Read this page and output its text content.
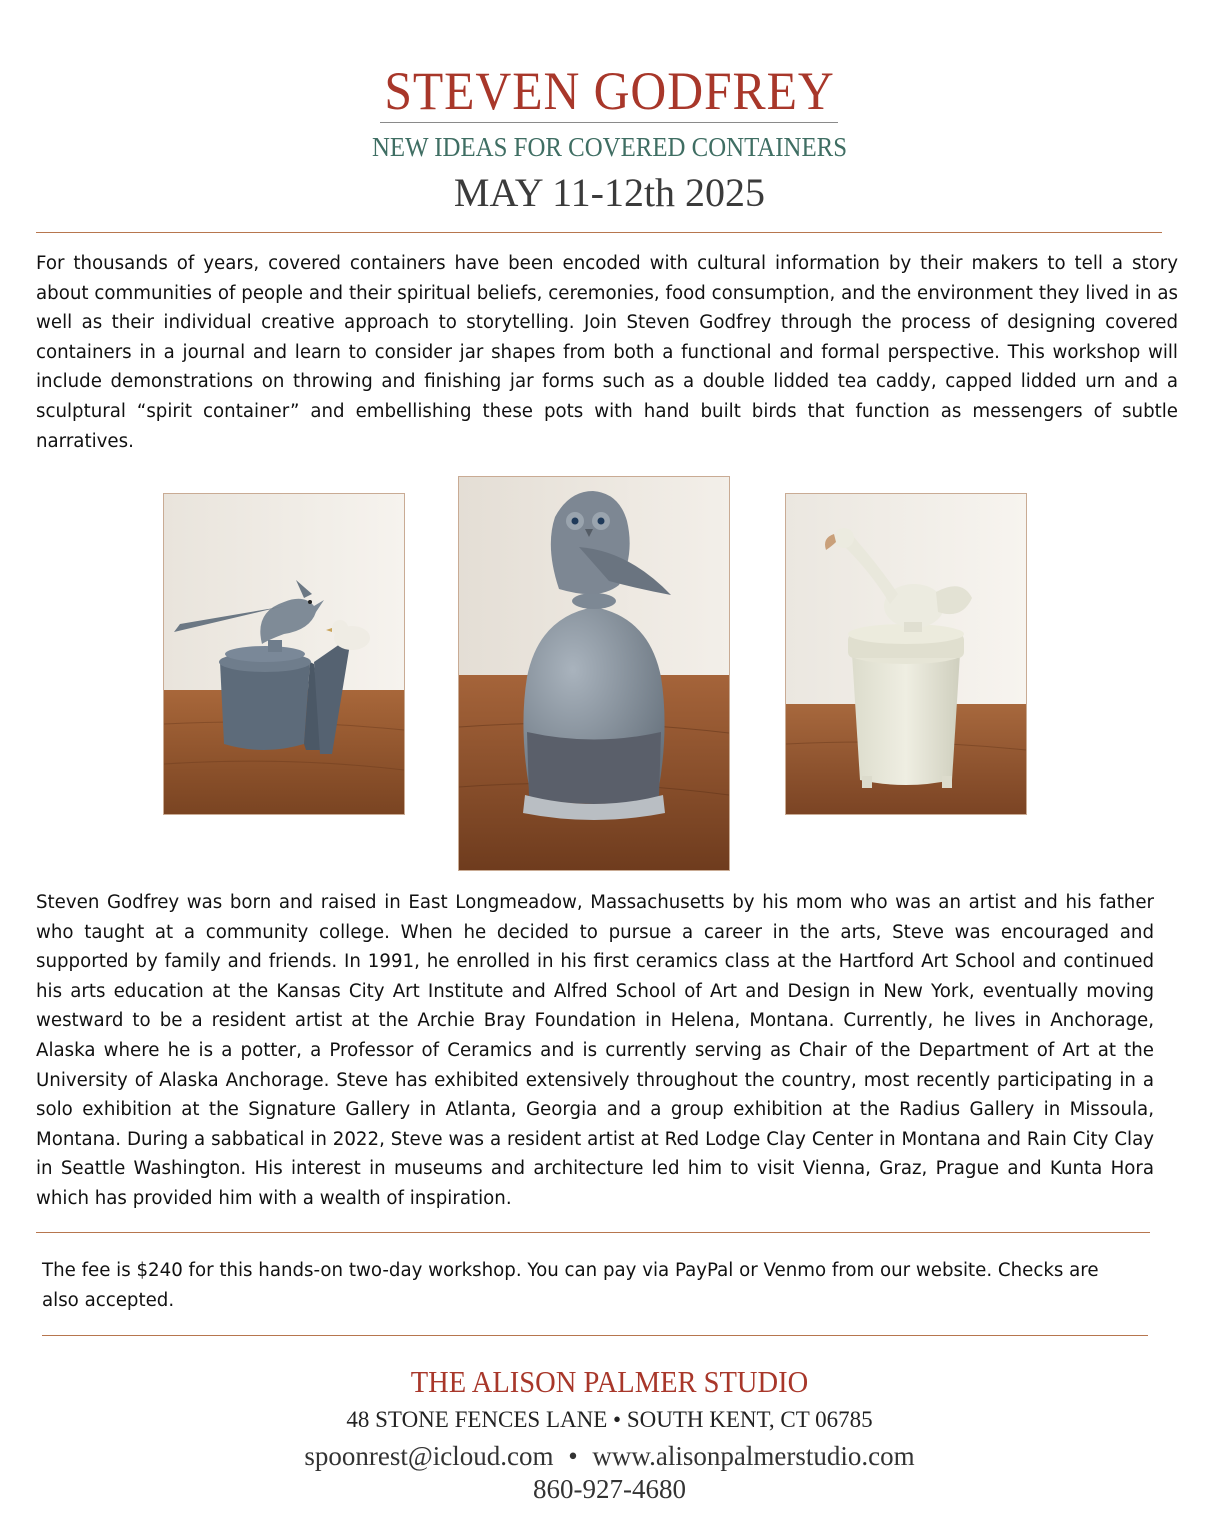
STEVEN GODFREY
NEW IDEAS FOR COVERED CONTAINERS
MAY 11-12th 2025
For thousands of years, covered containers have been encoded with cultural information by their makers to tell a story about communities of people and their spiritual beliefs, ceremonies, food consumption, and the environment they lived in as well as their individual creative approach to storytelling. Join Steven Godfrey through the process of designing covered containers in a journal and learn to consider jar shapes from both a functional and formal perspective. This workshop will include demonstrations on throwing and finishing jar forms such as a double lidded tea caddy, capped lidded urn and a sculptural “spirit container” and embellishing these pots with hand built birds that function as messengers of subtle narratives.
Steven Godfrey was born and raised in East Longmeadow, Massachusetts by his mom who was an artist and his father who taught at a community college. When he decided to pursue a career in the arts, Steve was encouraged and supported by family and friends. In 1991, he enrolled in his first ceramics class at the Hartford Art School and continued his arts education at the Kansas City Art Institute and Alfred School of Art and Design in New York, eventually moving westward to be a resident artist at the Archie Bray Foundation in Helena, Montana. Currently, he lives in Anchorage, Alaska where he is a potter, a Professor of Ceramics and is currently serving as Chair of the Department of Art at the University of Alaska Anchorage. Steve has exhibited extensively throughout the country, most recently participating in a solo exhibition at the Signature Gallery in Atlanta, Georgia and a group exhibition at the Radius Gallery in Missoula, Montana. During a sabbatical in 2022, Steve was a resident artist at Red Lodge Clay Center in Montana and Rain City Clay in Seattle Washington. His interest in museums and architecture led him to visit Vienna, Graz, Prague and Kunta Hora which has provided him with a wealth of inspiration.
The fee is $240 for this hands-on two-day workshop. You can pay via PayPal or Venmo from our website. Checks are also accepted.
THE ALISON PALMER STUDIO
48 STONE FENCES LANE • SOUTH KENT, CT 06785
spoonrest@icloud.com • www.alisonpalmerstudio.com
860-927-4680
